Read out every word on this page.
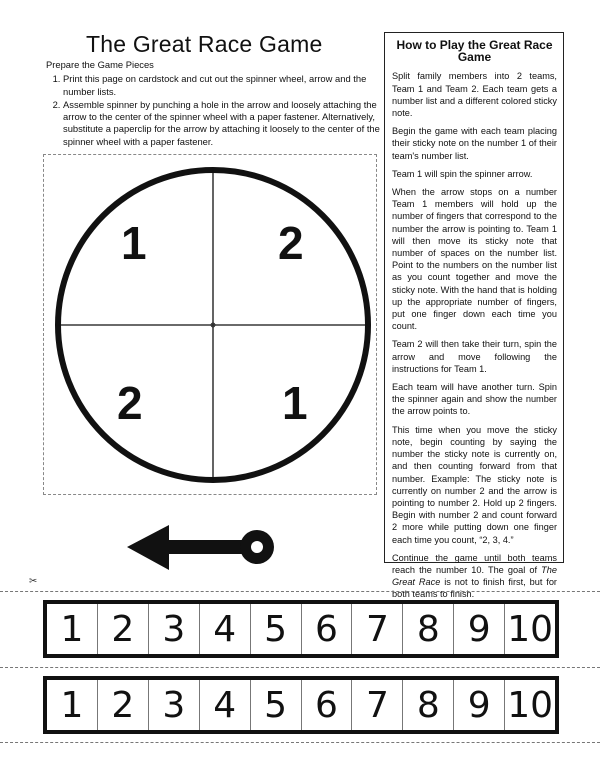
The Great Race Game
Prepare the Game Pieces
1. Print this page on cardstock and cut out the spinner wheel, arrow and the number lists.
2. Assemble spinner by punching a hole in the arrow and loosely attaching the arrow to the center of the spinner wheel with a paper fastener. Alternatively, substitute a paperclip for the arrow by attaching it loosely to the center of the spinner wheel with a paper fastener.
How to Play the Great Race Game

Split family members into 2 teams, Team 1 and Team 2. Each team gets a number list and a different colored sticky note.

Begin the game with each team placing their sticky note on the number 1 of their team's number list.

Team 1 will spin the spinner arrow.

When the arrow stops on a number Team 1 members will hold up the number of fingers that correspond to the number the arrow is pointing to. Team 1 will then move its sticky note that number of spaces on the number list. Point to the numbers on the number list as you count together and move the sticky note. With the hand that is holding up the appropriate number of fingers, put one finger down each time you count.

Team 2 will then take their turn, spin the arrow and move following the instructions for Team 1.

Each team will have another turn. Spin the spinner again and show the number the arrow points to.

This time when you move the sticky note, begin counting by saying the number the sticky note is currently on, and then counting forward from that number. Example: The sticky note is currently on number 2 and the arrow is pointing to number 2. Hold up 2 fingers. Begin with number 2 and count forward 2 more while putting down one finger each time you count, “2, 3, 4.”

Continue the game until both teams reach the number 10. The goal of The Great Race is not to finish first, but for both teams to finish.

1	2
2	1
✂
1 2 3 4 5 6 7 8 9 10
1 2 3 4 5 6 7 8 9 10
